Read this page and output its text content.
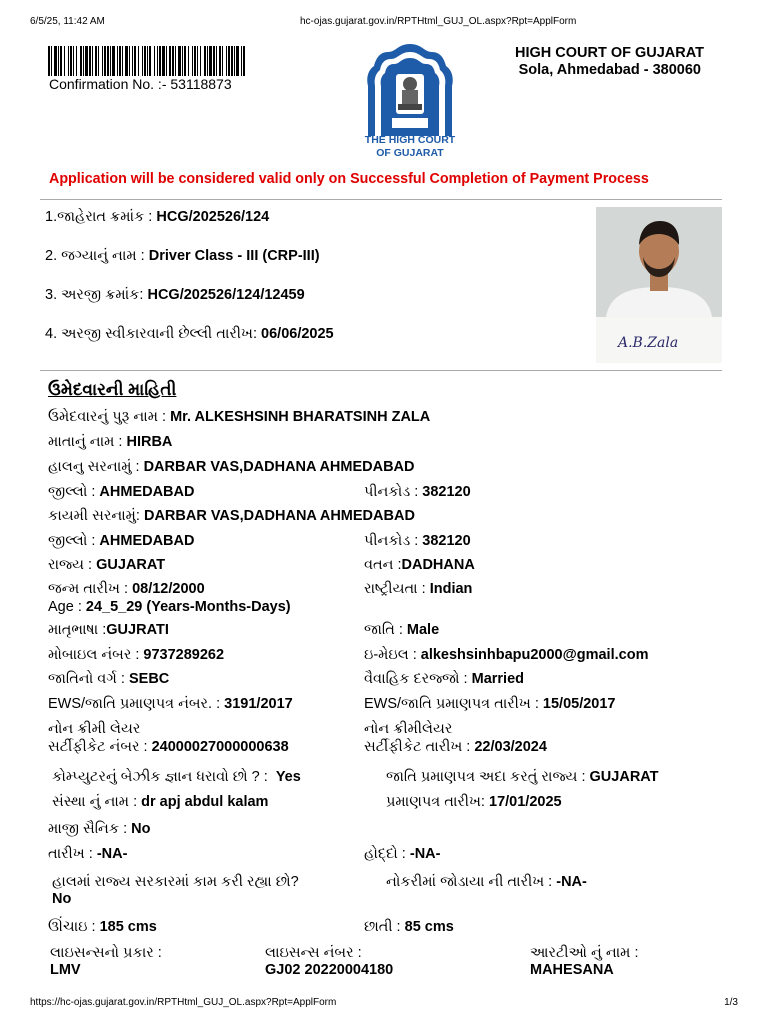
6/5/25, 11:42 AM	hc-ojas.gujarat.gov.in/RPTHtml_GUJ_OL.aspx?Rpt=ApplForm
Confirmation No. :- 53118873
THE HIGH COURT
OF GUJARAT
HIGH COURT OF GUJARAT
Sola, Ahmedabad - 380060
Application will be considered valid only on Successful Completion of Payment Process
1.જાહેરાત ક્રમાંક : HCG/202526/124
2. જગ્યાનું નામ : Driver Class - III (CRP-III)
3. અરજી ક્રમાંક: HCG/202526/124/12459
4. અરજી સ્વીકારવાની છેલ્લી તારીખ: 06/06/2025
A.B.Zala
ઉમેદવારની માહિતી
ઉમેદવારનું પુરૂ નામ : Mr. ALKESHSINH BHARATSINH ZALA
માતાનું નામ : HIRBA
હાલનુ સરનામું : DARBAR VAS,DADHANA AHMEDABAD
જીલ્લો : AHMEDABAD	પીનકોડ : 382120
કાયમી સરનામું: DARBAR VAS,DADHANA AHMEDABAD
જીલ્લો : AHMEDABAD	પીનકોડ : 382120
રાજ્ય : GUJARAT	વતન :DADHANA
જન્મ તારીખ : 08/12/2000	રાષ્ટ્રીયતા : Indian
Age : 24_5_29 (Years-Months-Days)
માતૃભાષા :GUJRATI	જાતિ : Male
મોબાઇલ નંબર : 9737289262	ઇ-મેઇલ : alkeshsinhbapu2000@gmail.com
જાતિનો વર્ગ : SEBC	વૈવાહિક દરજ્જો : Married
EWS/જાતિ પ્રમાણપત્ર નંબર. : 3191/2017	EWS/જાતિ પ્રમાણપત્ર તારીખ : 15/05/2017
નોન ક્રીમી લેયર
સર્ટીફીકેટ નંબર : 24000027000000638
નોન ક્રીમીલેયર
સર્ટીફીકેટ તારીખ : 22/03/2024
કોમ્પ્યુટરનું બેઝીક જ્ઞાન ધરાવો છો ? : Yes	જાતિ પ્રમાણપત્ર અદા કરતું રાજ્ય : GUJARAT
સંસ્થા નું નામ : dr apj abdul kalam	પ્રમાણપત્ર તારીખ: 17/01/2025
માજી સૈનિક : No
તારીખ : -NA-	હોદ્દો : -NA-
હાલમાં રાજ્ય સરકારમાં કામ કરી રહ્યા છો?
No
નોકરીમાં જોડાયા ની તારીખ : -NA-
ઊંચાઇ : 185 cms	છાતી : 85 cms
લાઇસન્સનો પ્રકાર :
LMV
લાઇસન્સ નંબર :
GJ02 20220004180
આરટીઓ નું નામ :
MAHESANA
https://hc-ojas.gujarat.gov.in/RPTHtml_GUJ_OL.aspx?Rpt=ApplForm	1/3
